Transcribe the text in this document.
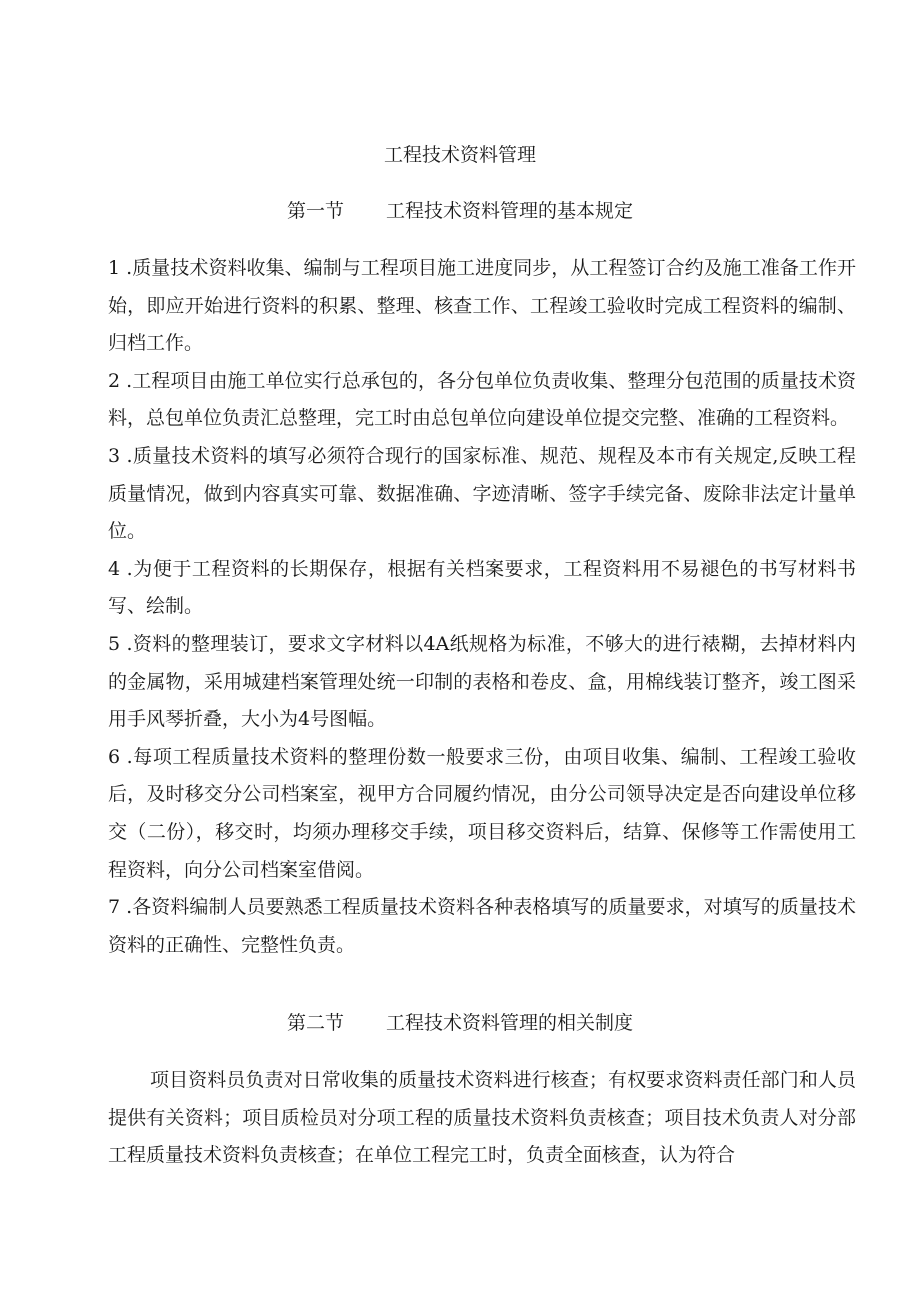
工程技术资料管理
第一节 工程技术资料管理的基本规定

1 .质量技术资料收集、编制与工程项目施工进度同步，从工程签订合约及施工准备工作开始，即应开始进行资料的积累、整理、核查工作、工程竣工验收时完成工程资料的编制、归档工作。

2 .工程项目由施工单位实行总承包的，各分包单位负责收集、整理分包范围的质量技术资料，总包单位负责汇总整理，完工时由总包单位向建设单位提交完整、准确的工程资料。

3 .质量技术资料的填写必须符合现行的国家标准、规范、规程及本市有关规定,反映工程质量情况，做到内容真实可靠、数据准确、字迹清晰、签字手续完备、废除非法定计量单位。

4 .为便于工程资料的长期保存，根据有关档案要求，工程资料用不易褪色的书写材料书写、绘制。

5 .资料的整理装订，要求文字材料以4A纸规格为标准，不够大的进行裱糊，去掉材料内的金属物，采用城建档案管理处统一印制的表格和卷皮、盒，用棉线装订整齐，竣工图采用手风琴折叠，大小为4号图幅。

6 .每项工程质量技术资料的整理份数一般要求三份，由项目收集、编制、工程竣工验收后，及时移交分公司档案室，视甲方合同履约情况，由分公司领导决定是否向建设单位移交（二份），移交时，均须办理移交手续，项目移交资料后，结算、保修等工作需使用工程资料，向分公司档案室借阅。

7 .各资料编制人员要熟悉工程质量技术资料各种表格填写的质量要求，对填写的质量技术资料的正确性、完整性负责。

第二节 工程技术资料管理的相关制度

项目资料员负责对日常收集的质量技术资料进行核查；有权要求资料责任部门和人员提供有关资料；项目质检员对分项工程的质量技术资料负责核查；项目技术负责人对分部工程质量技术资料负责核查；在单位工程完工时，负责全面核查，认为符合
